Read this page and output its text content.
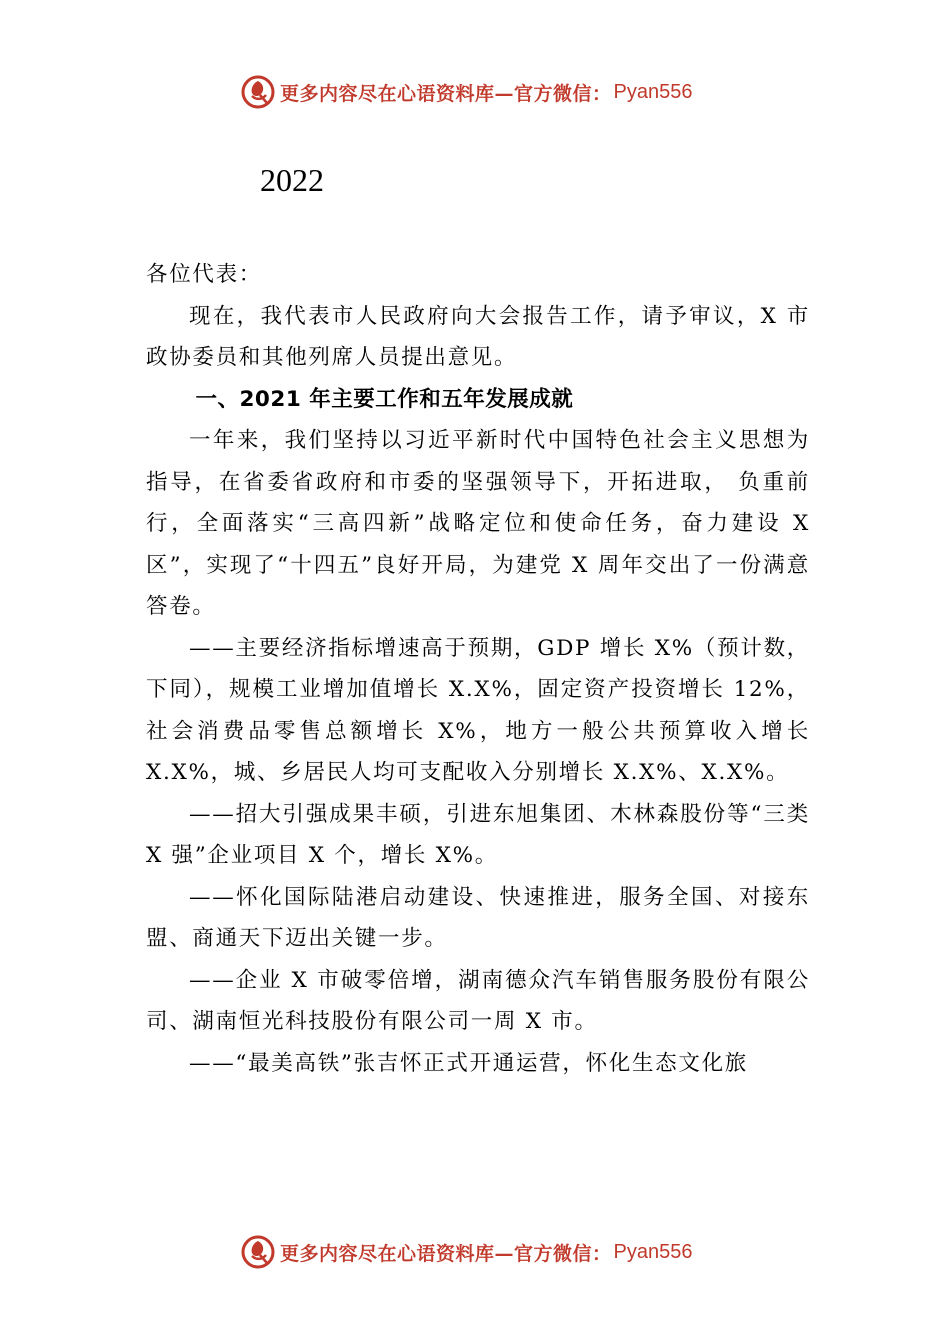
更多内容尽在心语资料库—官方微信： Pyan556
2022

各位代表：

现在，我代表市人民政府向大会报告工作，请予审议，X 市政协委员和其他列席人员提出意见。

一、2021 年主要工作和五年发展成就

一年来，我们坚持以习近平新时代中国特色社会主义思想为指导，在省委省政府和市委的坚强领导下，开拓进取， 负重前行，全面落实“三高四新”战略定位和使命任务，奋力建设 X 区”，实现了“十四五”良好开局，为建党 X 周年交出了一份满意答卷。

——主要经济指标增速高于预期，GDP 增长 X%（预计数，下同），规模工业增加值增长 X.X%，固定资产投资增长 12%，社会消费品零售总额增长 X%，地方一般公共预算收入增长 X.X%，城、乡居民人均可支配收入分别增长 X.X%、X.X%。

——招大引强成果丰硕，引进东旭集团、木林森股份等“三类 X 强”企业项目 X 个，增长 X%。

——怀化国际陆港启动建设、快速推进，服务全国、对接东盟、商通天下迈出关键一步。

——企业 X 市破零倍增，湖南德众汽车销售服务股份有限公司、湖南恒光科技股份有限公司一周 X 市。

——“最美高铁”张吉怀正式开通运营，怀化生态文化旅

更多内容尽在心语资料库—官方微信： Pyan556
